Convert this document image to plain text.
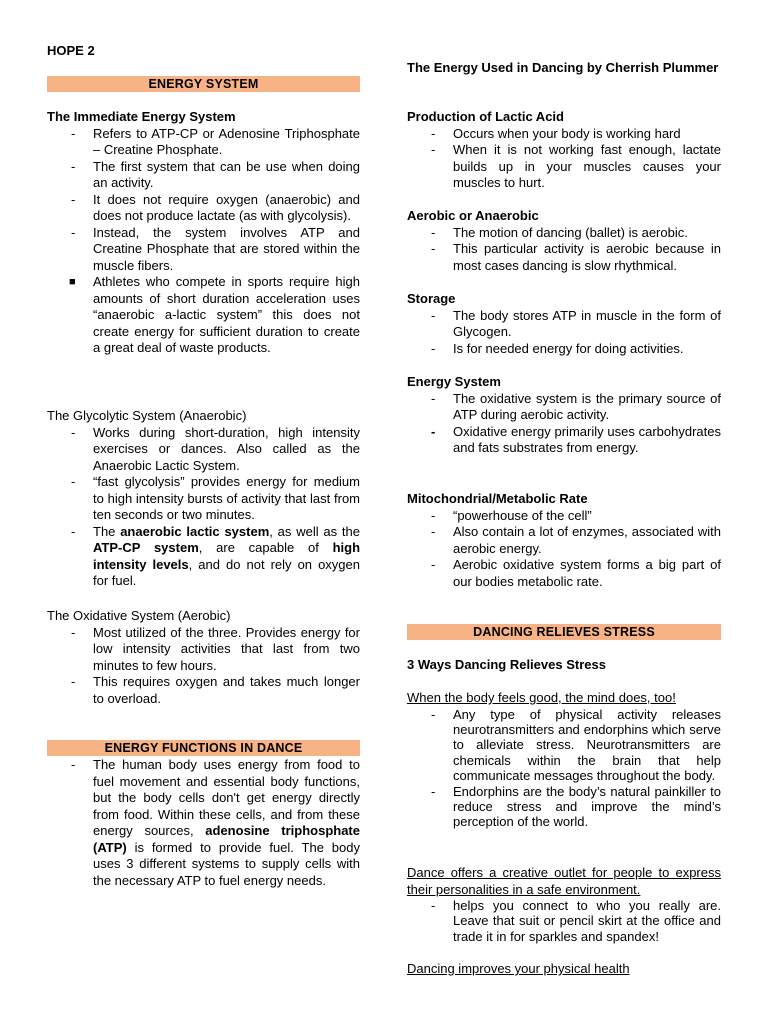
HOPE 2
ENERGY SYSTEM
The Immediate Energy System
- Refers to ATP-CP or Adenosine Triphosphate – Creatine Phosphate.
- The first system that can be use when doing an activity.
- It does not require oxygen (anaerobic) and does not produce lactate (as with glycolysis).
- Instead, the system involves ATP and Creatine Phosphate that are stored within the muscle fibers.
■ Athletes who compete in sports require high amounts of short duration acceleration uses “anaerobic a-lactic system” this does not create energy for sufficient duration to create a great deal of waste products.
The Glycolytic System (Anaerobic)
- Works during short-duration, high intensity exercises or dances. Also called as the Anaerobic Lactic System.
- “fast glycolysis” provides energy for medium to high intensity bursts of activity that last from ten seconds or two minutes.
- The anaerobic lactic system, as well as the ATP-CP system, are capable of high intensity levels, and do not rely on oxygen for fuel.
The Oxidative System (Aerobic)
- Most utilized of the three. Provides energy for low intensity activities that last from two minutes to few hours.
- This requires oxygen and takes much longer to overload.
ENERGY FUNCTIONS IN DANCE
- The human body uses energy from food to fuel movement and essential body functions, but the body cells don't get energy directly from food. Within these cells, and from these energy sources, adenosine triphosphate (ATP) is formed to provide fuel. The body uses 3 different systems to supply cells with the necessary ATP to fuel energy needs.
The Energy Used in Dancing by Cherrish Plummer
Production of Lactic Acid
- Occurs when your body is working hard
- When it is not working fast enough, lactate builds up in your muscles causes your muscles to hurt.
Aerobic or Anaerobic
- The motion of dancing (ballet) is aerobic.
- This particular activity is aerobic because in most cases dancing is slow rhythmical.
Storage
- The body stores ATP in muscle in the form of Glycogen.
- Is for needed energy for doing activities.
Energy System
- The oxidative system is the primary source of ATP during aerobic activity.
- Oxidative energy primarily uses carbohydrates and fats substrates from energy.
Mitochondrial/Metabolic Rate
- “powerhouse of the cell”
- Also contain a lot of enzymes, associated with aerobic energy.
- Aerobic oxidative system forms a big part of our bodies metabolic rate.
DANCING RELIEVES STRESS
3 Ways Dancing Relieves Stress
When the body feels good, the mind does, too!
- Any type of physical activity releases neurotransmitters and endorphins which serve to alleviate stress. Neurotransmitters are chemicals within the brain that help communicate messages throughout the body.
- Endorphins are the body’s natural painkiller to reduce stress and improve the mind’s perception of the world.
Dance offers a creative outlet for people to express their personalities in a safe environment.
- helps you connect to who you really are. Leave that suit or pencil skirt at the office and trade it in for sparkles and spandex!
Dancing improves your physical health
